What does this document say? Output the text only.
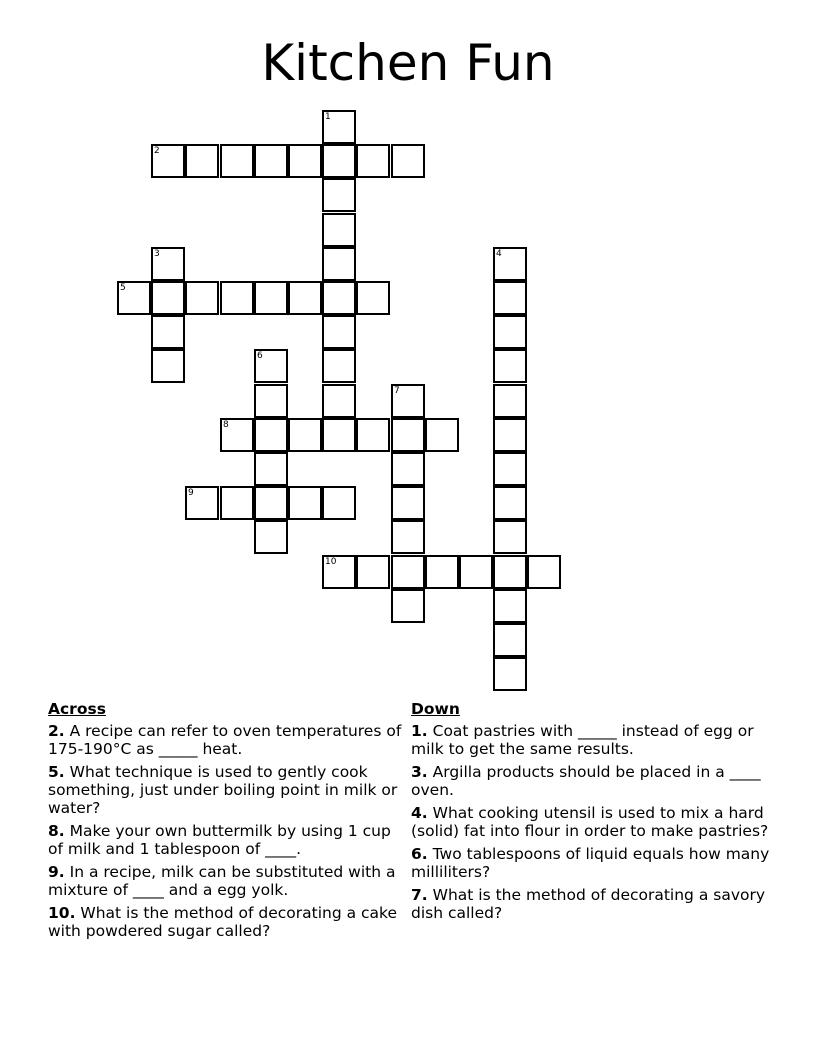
Kitchen Fun
1
2
3	4
5
6
7
8
9
10
Across
2. A recipe can refer to oven temperatures of 175-190°C as _____ heat.
5. What technique is used to gently cook something, just under boiling point in milk or water?
8. Make your own buttermilk by using 1 cup of milk and 1 tablespoon of ____.
9. In a recipe, milk can be substituted with a mixture of ____ and a egg yolk.
10. What is the method of decorating a cake with powdered sugar called?
Down
1. Coat pastries with _____ instead of egg or milk to get the same results.
3. Argilla products should be placed in a ____ oven.
4. What cooking utensil is used to mix a hard (solid) fat into flour in order to make pastries?
6. Two tablespoons of liquid equals how many milliliters?
7. What is the method of decorating a savory dish called?
